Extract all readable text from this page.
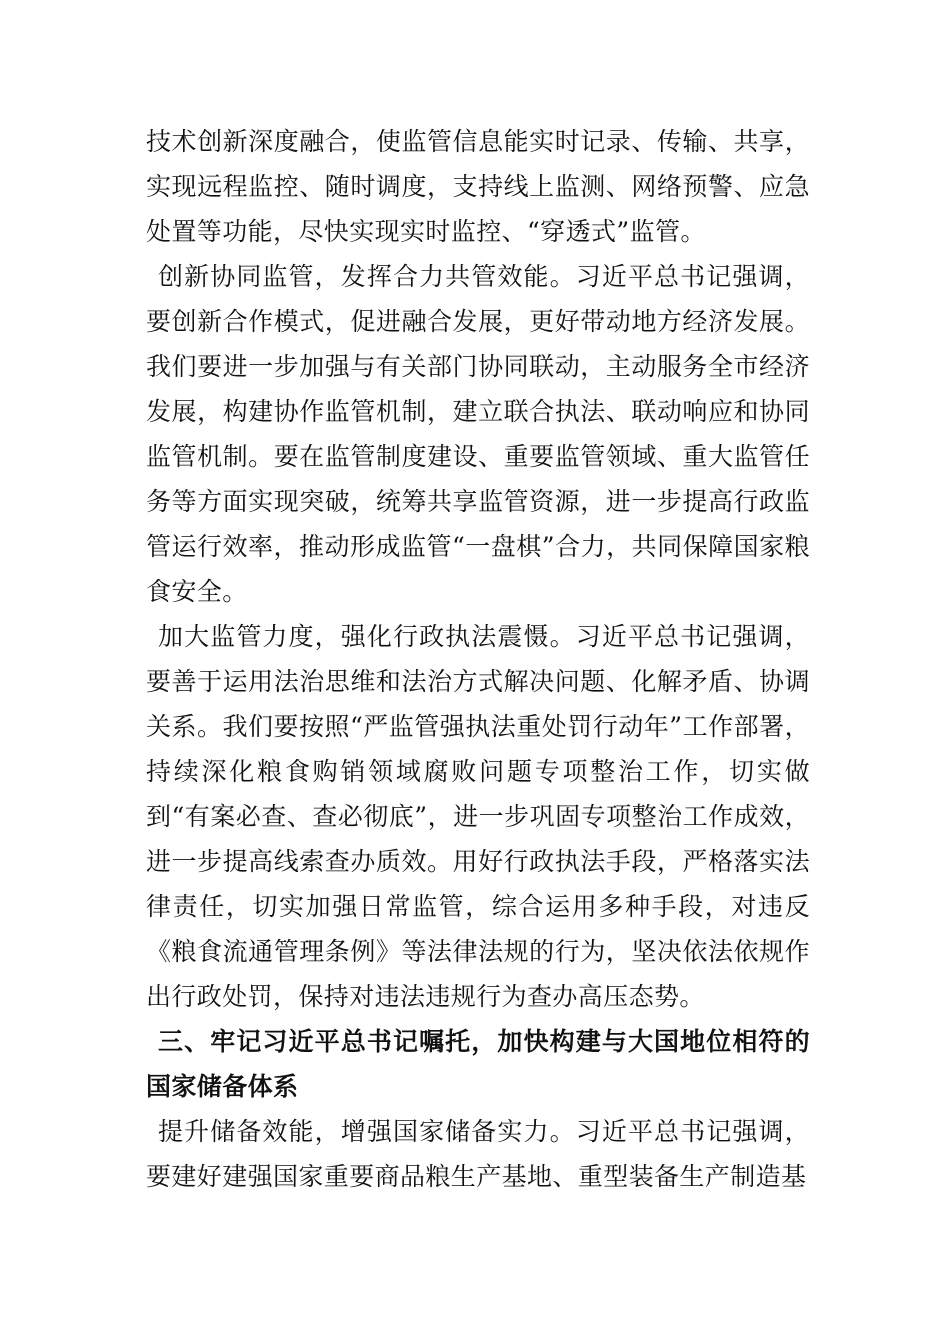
技术创新深度融合，使监管信息能实时记录、传输、共享，实现远程监控、随时调度，支持线上监测、网络预警、应急处置等功能，尽快实现实时监控、“穿透式”监管。

创新协同监管，发挥合力共管效能。习近平总书记强调，要创新合作模式，促进融合发展，更好带动地方经济发展。我们要进一步加强与有关部门协同联动，主动服务全市经济发展，构建协作监管机制，建立联合执法、联动响应和协同监管机制。要在监管制度建设、重要监管领域、重大监管任务等方面实现突破，统筹共享监管资源，进一步提高行政监管运行效率，推动形成监管“一盘棋”合力，共同保障国家粮食安全。

加大监管力度，强化行政执法震慑。习近平总书记强调，要善于运用法治思维和法治方式解决问题、化解矛盾、协调关系。我们要按照“严监管强执法重处罚行动年”工作部署，持续深化粮食购销领域腐败问题专项整治工作，切实做到“有案必查、查必彻底”，进一步巩固专项整治工作成效，进一步提高线索查办质效。用好行政执法手段，严格落实法律责任，切实加强日常监管，综合运用多种手段，对违反《粮食流通管理条例》等法律法规的行为，坚决依法依规作出行政处罚，保持对违法违规行为查办高压态势。

三、牢记习近平总书记嘱托，加快构建与大国地位相符的国家储备体系

提升储备效能，增强国家储备实力。习近平总书记强调，要建好建强国家重要商品粮生产基地、重型装备生产制造基
